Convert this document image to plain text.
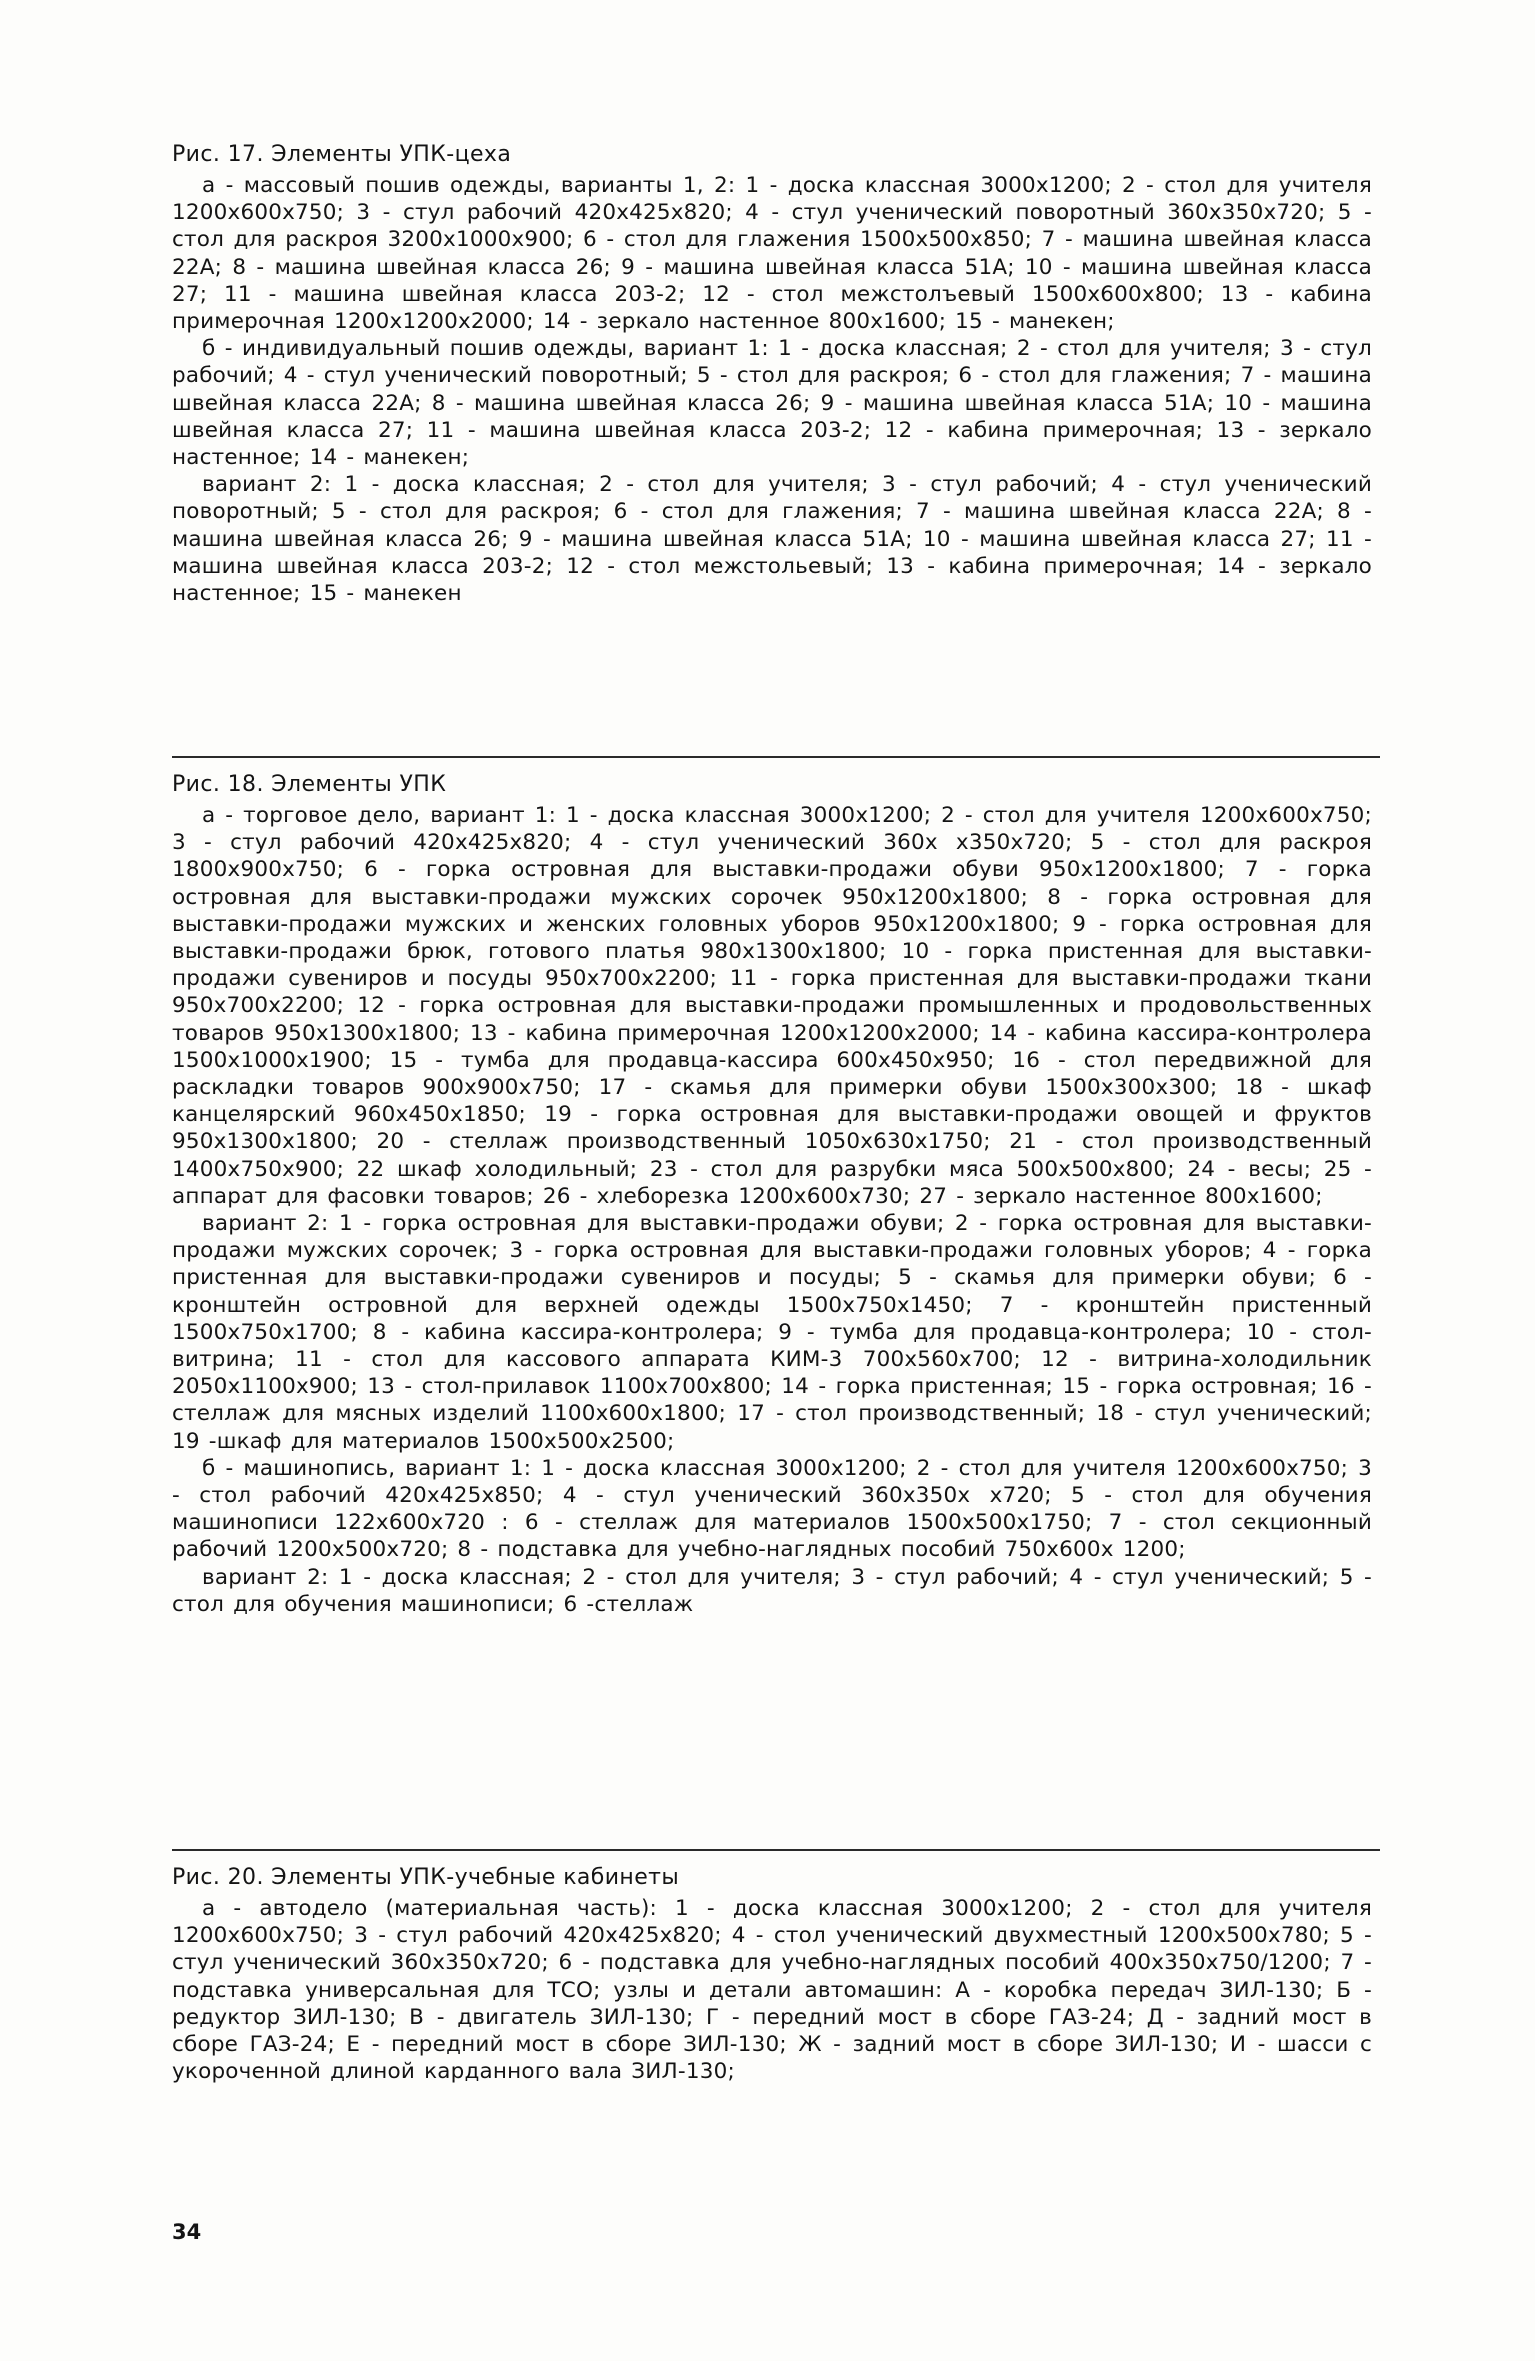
Рис. 17. Элементы УПК-цеха

а - массовый пошив одежды, варианты 1, 2: 1 - доска классная 3000x1200; 2 - стол для учителя 1200x600x750; 3 - стул рабочий 420x425x820; 4 - стул ученический поворотный 360x350x720; 5 - стол для раскроя 3200x1000x900; 6 - стол для глажения 1500x500x850; 7 - машина швейная класса 22А; 8 - машина швейная класса 26; 9 - машина швейная класса 51А; 10 - машина швейная класса 27; 11 - машина швейная класса 203-2; 12 - стол межстолъевый 1500x600x800; 13 - кабина примерочная 1200x1200x2000; 14 - зеркало настенное 800x1600; 15 - манекен;

б - индивидуальный пошив одежды, вариант 1: 1 - доска классная; 2 - стол для учителя; 3 - стул рабочий; 4 - стул ученический поворотный; 5 - стол для раскроя; 6 - стол для глажения; 7 - машина швейная класса 22А; 8 - машина швейная класса 26; 9 - машина швейная класса 51А; 10 - машина швейная класса 27; 11 - машина швейная класса 203-2; 12 - кабина примерочная; 13 - зеркало настенное; 14 - манекен;

вариант 2: 1 - доска классная; 2 - стол для учителя; 3 - стул рабочий; 4 - стул ученический поворотный; 5 - стол для раскроя; 6 - стол для глажения; 7 - машина швейная класса 22А; 8 - машина швейная класса 26; 9 - машина швейная класса 51А; 10 - машина швейная класса 27; 11 - машина швейная класса 203-2; 12 - стол межстольевый; 13 - кабина примерочная; 14 - зеркало настенное; 15 - манекен

Рис. 18. Элементы УПК

а - торговое дело, вариант 1: 1 - доска классная 3000x1200; 2 - стол для учителя 1200x600x750; 3 - стул рабочий 420x425x820; 4 - стул ученический 360x x350x720; 5 - стол для раскроя 1800x900x750; 6 - горка островная для выставки-продажи обуви 950x1200x1800; 7 - горка островная для выставки-продажи мужских сорочек 950x1200x1800; 8 - горка островная для выставки-продажи мужских и женских головных уборов 950x1200x1800; 9 - горка островная для выставки-продажи брюк, готового платья 980x1300x1800; 10 - горка пристенная для выставки-продажи сувениров и посуды 950x700x2200; 11 - горка пристенная для выставки-продажи ткани 950x700x2200; 12 - горка островная для выставки-продажи промышленных и продовольственных товаров 950x1300x1800; 13 - кабина примерочная 1200x1200x2000; 14 - кабина кассира-контролера 1500x1000x1900; 15 - тумба для продавца-кассира 600x450x950; 16 - стол передвижной для раскладки товаров 900x900x750; 17 - скамья для примерки обуви 1500x300x300; 18 - шкаф канцелярский 960x450x1850; 19 - горка островная для выставки-продажи овощей и фруктов 950x1300x1800; 20 - стеллаж производственный 1050x630x1750; 21 - стол производственный 1400x750x900; 22 шкаф холодильный; 23 - стол для разрубки мяса 500x500x800; 24 - весы; 25 - аппарат для фасовки товаров; 26 - хлеборезка 1200x600x730; 27 - зеркало настенное 800x1600;

вариант 2: 1 - горка островная для выставки-продажи обуви; 2 - горка островная для выставки-продажи мужских сорочек; 3 - горка островная для выставки-продажи головных уборов; 4 - горка пристенная для выставки-продажи сувениров и посуды; 5 - скамья для примерки обуви; 6 - кронштейн островной для верхней одежды 1500x750x1450; 7 - кронштейн пристенный 1500x750x1700; 8 - кабина кассира-контролера; 9 - тумба для продавца-контролера; 10 - стол-витрина; 11 - стол для кассового аппарата КИМ-3 700x560x700; 12 - витрина-холодильник 2050x1100x900; 13 - стол-прилавок 1100x700x800; 14 - горка пристенная; 15 - горка островная; 16 - стеллаж для мясных изделий 1100x600x1800; 17 - стол производственный; 18 - стул ученический; 19 -шкаф для материалов 1500x500x2500;

б - машинопись, вариант 1: 1 - доска классная 3000x1200; 2 - стол для учителя 1200x600x750; 3 - стол рабочий 420x425x850; 4 - стул ученический 360x350x x720; 5 - стол для обучения машинописи 122x600x720 : 6 - стеллаж для материалов 1500x500x1750; 7 - стол секционный рабочий 1200x500x720; 8 - подставка для учебно-наглядных пособий 750x600x 1200;

вариант 2: 1 - доска классная; 2 - стол для учителя; 3 - стул рабочий; 4 - стул ученический; 5 - стол для обучения машинописи; 6 -стеллаж

Рис. 20. Элементы УПК-учебные кабинеты

а - автодело (материальная часть): 1 - доска классная 3000x1200; 2 - стол для учителя 1200x600x750; 3 - стул рабочий 420x425x820; 4 - стол ученический двухместный 1200x500x780; 5 - стул ученический 360x350x720; 6 - подставка для учебно-наглядных пособий 400x350x750/1200; 7 - подставка универсальная для ТСО; узлы и детали автомашин: А - коробка передач ЗИЛ-130; Б - редуктор ЗИЛ-130; В - двигатель ЗИЛ-130; Г - передний мост в сборе ГАЗ-24; Д - задний мост в сборе ГАЗ-24; Е - передний мост в сборе ЗИЛ-130; Ж - задний мост в сборе ЗИЛ-130; И - шасси с укороченной длиной карданного вала ЗИЛ-130;

34
